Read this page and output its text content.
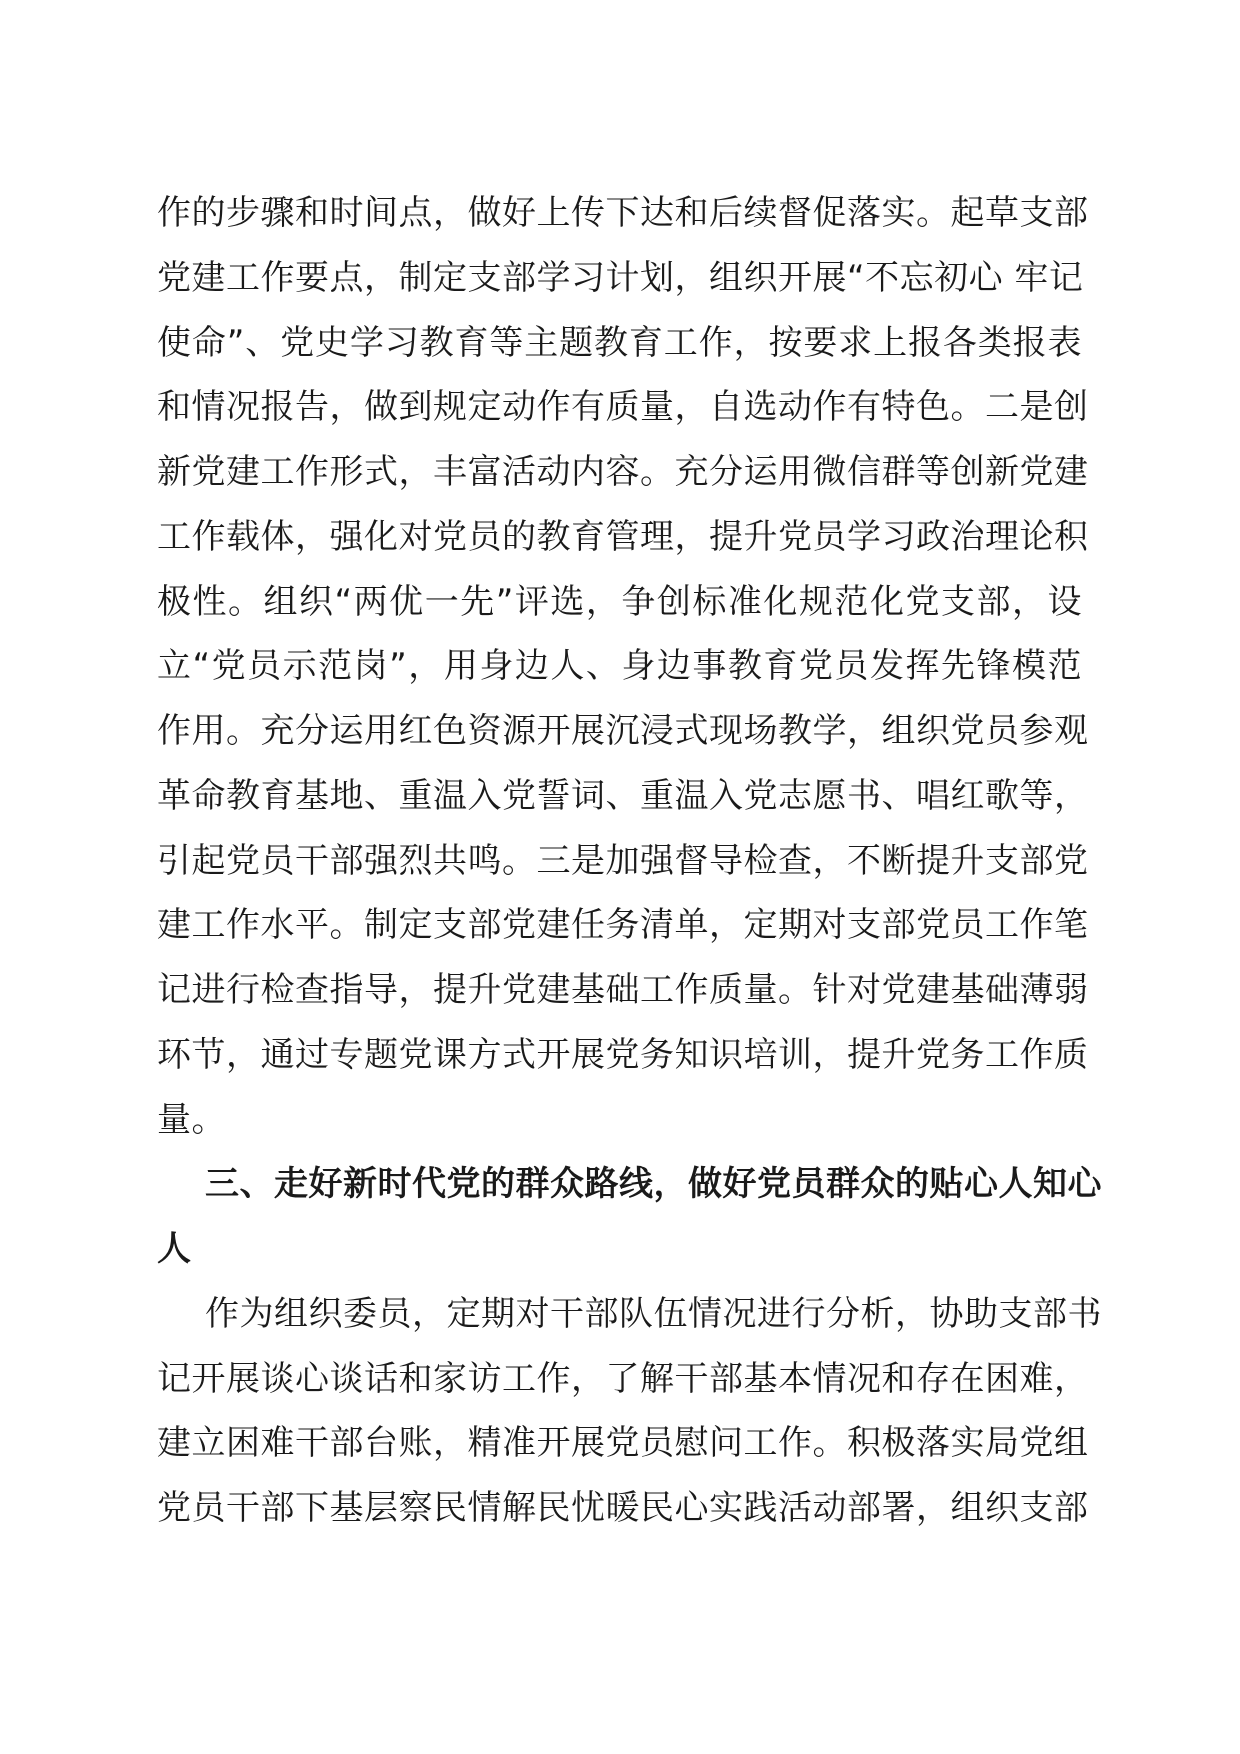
作的步骤和时间点，做好上传下达和后续督促落实。起草支部
党建工作要点，制定支部学习计划，组织开展“不忘初心 牢记
使命”、党史学习教育等主题教育工作，按要求上报各类报表
和情况报告，做到规定动作有质量，自选动作有特色。二是创
新党建工作形式，丰富活动内容。充分运用微信群等创新党建
工作载体，强化对党员的教育管理，提升党员学习政治理论积
极性。组织“两优一先”评选，争创标准化规范化党支部，设
立“党员示范岗”，用身边人、身边事教育党员发挥先锋模范
作用。充分运用红色资源开展沉浸式现场教学，组织党员参观
革命教育基地、重温入党誓词、重温入党志愿书、唱红歌等，
引起党员干部强烈共鸣。三是加强督导检查，不断提升支部党
建工作水平。制定支部党建任务清单，定期对支部党员工作笔
记进行检查指导，提升党建基础工作质量。针对党建基础薄弱
环节，通过专题党课方式开展党务知识培训，提升党务工作质
量。
三、走好新时代党的群众路线，做好党员群众的贴心人知心
人
作为组织委员，定期对干部队伍情况进行分析，协助支部书
记开展谈心谈话和家访工作，了解干部基本情况和存在困难，
建立困难干部台账，精准开展党员慰问工作。积极落实局党组
党员干部下基层察民情解民忧暖民心实践活动部署，组织支部
